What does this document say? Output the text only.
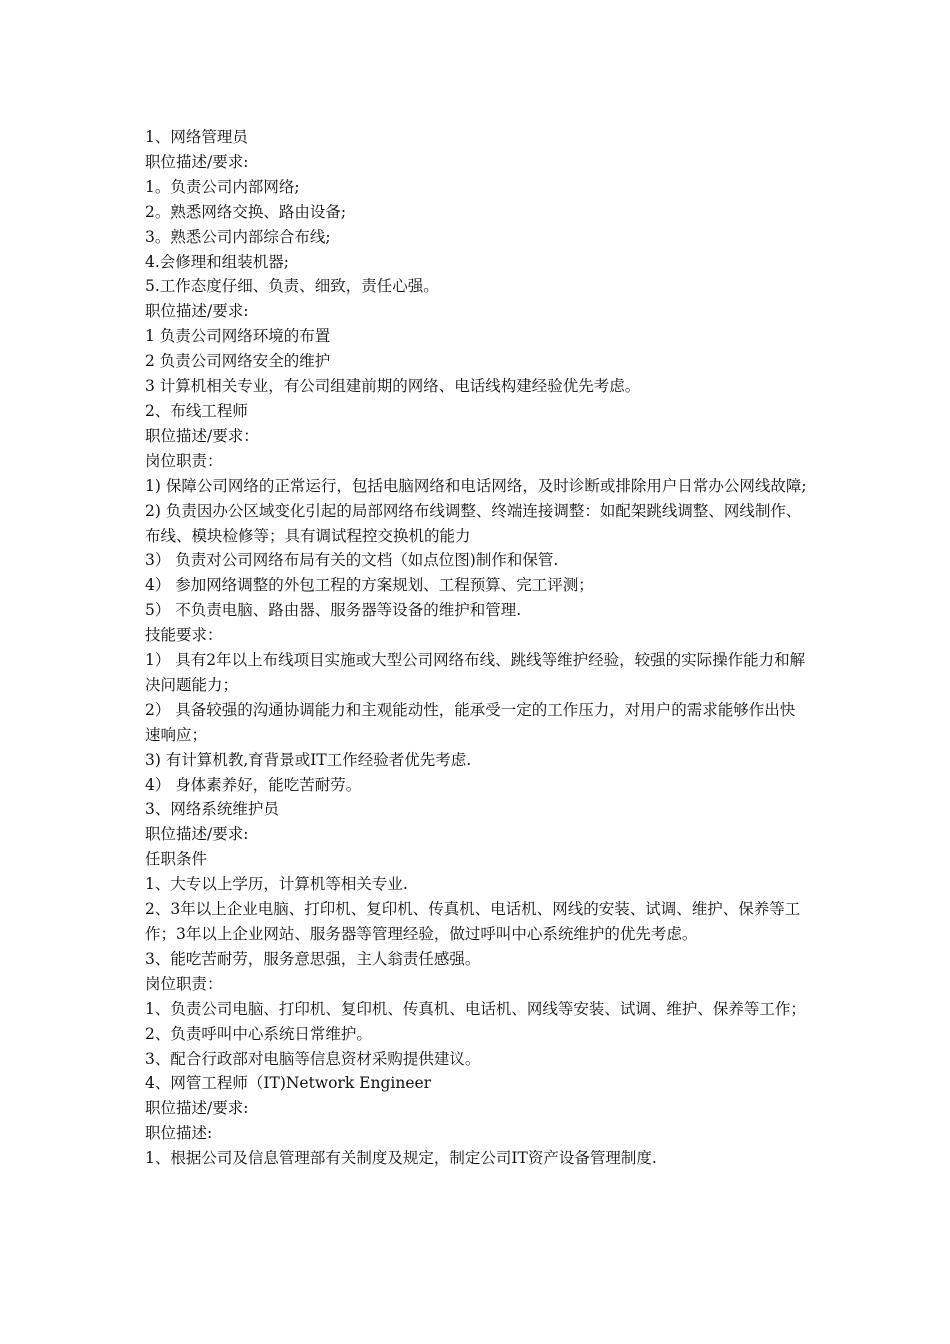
1、网络管理员

职位描述/要求:

1。负责公司内部网络;

2。熟悉网络交换、路由设备;

3。熟悉公司内部综合布线;

4.会修理和组装机器;

5.工作态度仔细、负责、细致，责任心强。

职位描述/要求:

1 负责公司网络环境的布置

2 负责公司网络安全的维护

3 计算机相关专业，有公司组建前期的网络、电话线构建经验优先考虑。

2、布线工程师

职位描述/要求：

岗位职责：

1) 保障公司网络的正常运行，包括电脑网络和电话网络，及时诊断或排除用户日常办公网线故障;

2) 负责因办公区域变化引起的局部网络布线调整、终端连接调整：如配架跳线调整、网线制作、布线、模块检修等；具有调试程控交换机的能力

3） 负责对公司网络布局有关的文档（如点位图)制作和保管.

4） 参加网络调整的外包工程的方案规划、工程预算、完工评测；

5） 不负责电脑、路由器、服务器等设备的维护和管理.

技能要求：

1） 具有2年以上布线项目实施或大型公司网络布线、跳线等维护经验，较强的实际操作能力和解决问题能力；

2） 具备较强的沟通协调能力和主观能动性，能承受一定的工作压力，对用户的需求能够作出快速响应；

3) 有计算机教,育背景或IT工作经验者优先考虑.

4） 身体素养好，能吃苦耐劳。

3、网络系统维护员

职位描述/要求:

任职条件

1、大专以上学历，计算机等相关专业.

2、3年以上企业电脑、打印机、复印机、传真机、电话机、网线的安装、试调、维护、保养等工作；3年以上企业网站、服务器等管理经验，做过呼叫中心系统维护的优先考虑。

3、能吃苦耐劳，服务意思强，主人翁责任感强。

岗位职责：

1、负责公司电脑、打印机、复印机、传真机、电话机、网线等安装、试调、维护、保养等工作；

2、负责呼叫中心系统日常维护。

3、配合行政部对电脑等信息资材采购提供建议。

4、网管工程师（IT)Network Engineer

职位描述/要求:

职位描述:

1、根据公司及信息管理部有关制度及规定，制定公司IT资产设备管理制度.
